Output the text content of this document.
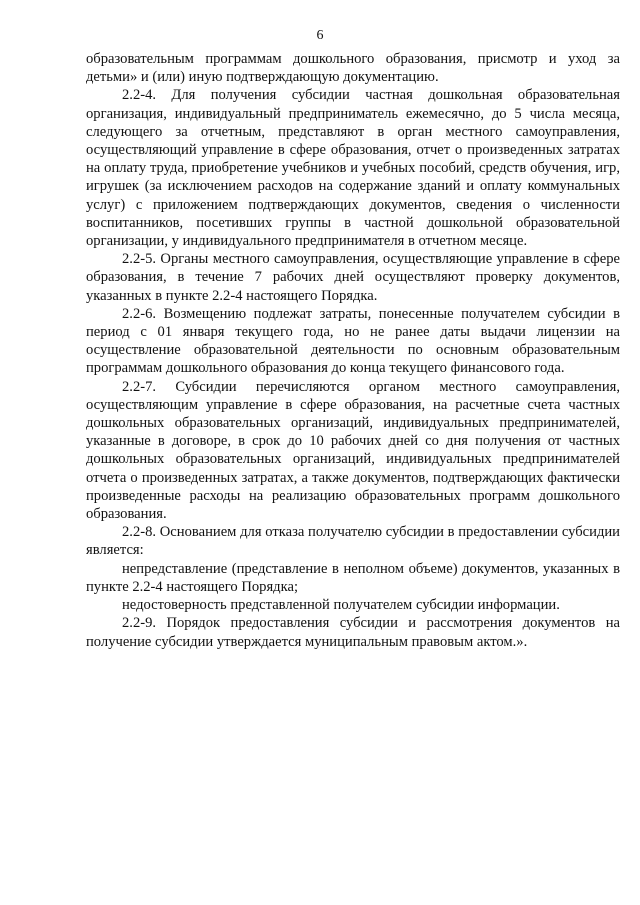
6

образовательным программам дошкольного образования, присмотр и уход за детьми» и (или) иную подтверждающую документацию.

2.2-4. Для получения субсидии частная дошкольная образовательная организация, индивидуальный предприниматель ежемесячно, до 5 числа месяца, следующего за отчетным, представляют в орган местного самоуправления, осуществляющий управление в сфере образования, отчет о произведенных затратах на оплату труда, приобретение учебников и учебных пособий, средств обучения, игр, игрушек (за исключением расходов на содержание зданий и оплату коммунальных услуг) с приложением подтверждающих документов, сведения о численности воспитанников, посетивших группы в частной дошкольной образовательной организации, у индивидуального предпринимателя в отчетном месяце.

2.2-5. Органы местного самоуправления, осуществляющие управление в сфере образования, в течение 7 рабочих дней осуществляют проверку документов, указанных в пункте 2.2-4 настоящего Порядка.

2.2-6. Возмещению подлежат затраты, понесенные получателем субсидии в период с 01 января текущего года, но не ранее даты выдачи лицензии на осуществление образовательной деятельности по основным образовательным программам дошкольного образования до конца текущего финансового года.

2.2-7. Субсидии перечисляются органом местного самоуправления, осуществляющим управление в сфере образования, на расчетные счета частных дошкольных образовательных организаций, индивидуальных предпринимателей, указанные в договоре, в срок до 10 рабочих дней со дня получения от частных дошкольных образовательных организаций, индивидуальных предпринимателей отчета о произведенных затратах, а также документов, подтверждающих фактически произведенные расходы на реализацию образовательных программ дошкольного образования.

2.2-8. Основанием для отказа получателю субсидии в предоставлении субсидии является:

непредставление (представление в неполном объеме) документов, указанных в пункте 2.2-4 настоящего Порядка;

недостоверность представленной получателем субсидии информации.

2.2-9. Порядок предоставления субсидии и рассмотрения документов на получение субсидии утверждается муниципальным правовым актом.».
